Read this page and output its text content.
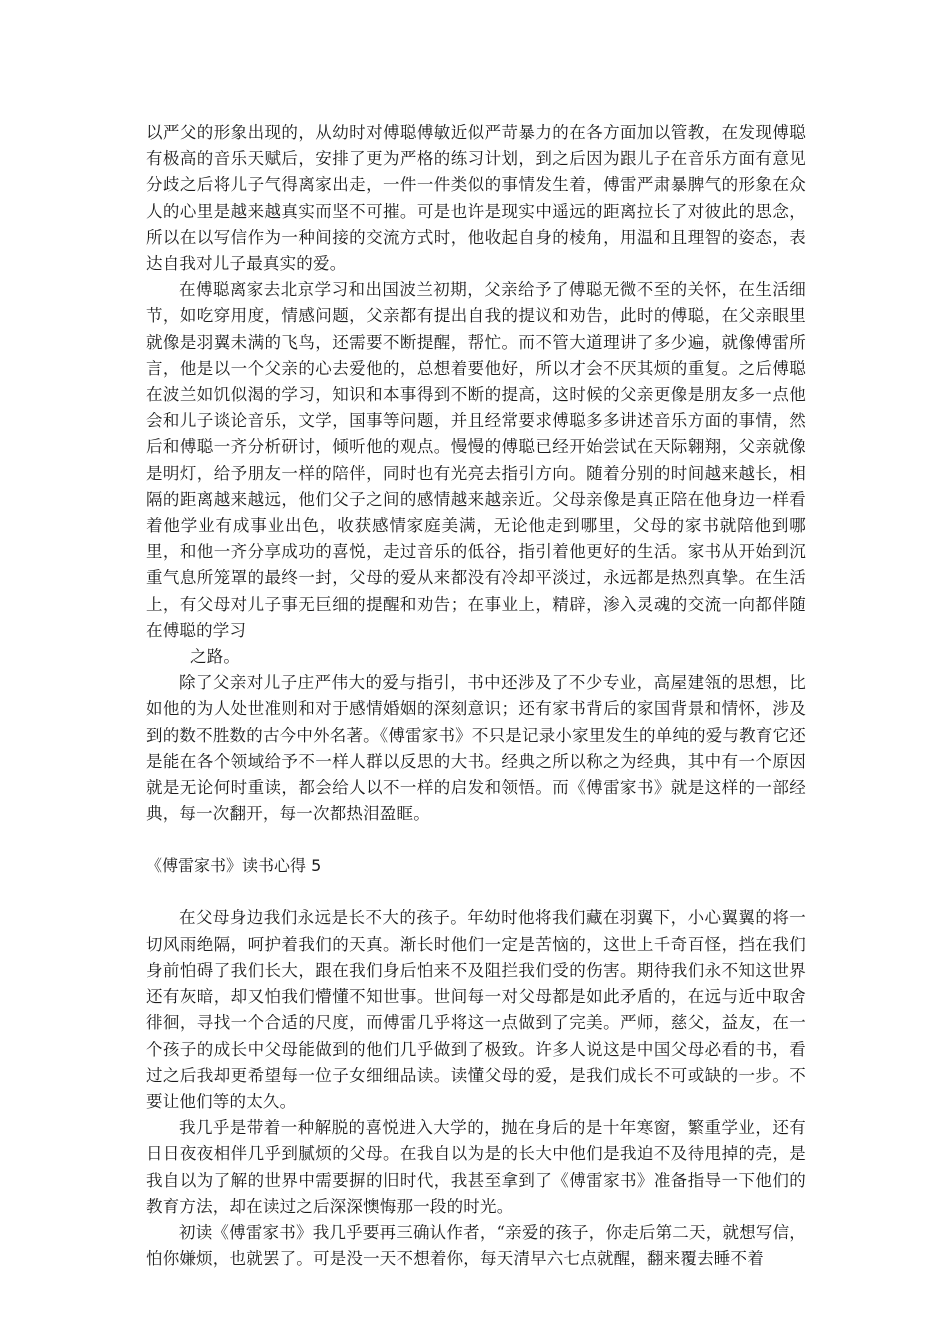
以严父的形象出现的，从幼时对傅聪傅敏近似严苛暴力的在各方面加以管教，在发现傅聪有极高的音乐天赋后，安排了更为严格的练习计划，到之后因为跟儿子在音乐方面有意见分歧之后将儿子气得离家出走，一件一件类似的事情发生着，傅雷严肃暴脾气的形象在众人的心里是越来越真实而坚不可摧。可是也许是现实中遥远的距离拉长了对彼此的思念，所以在以写信作为一种间接的交流方式时，他收起自身的棱角，用温和且理智的姿态，表达自我对儿子最真实的爱。

在傅聪离家去北京学习和出国波兰初期，父亲给予了傅聪无微不至的关怀，在生活细节，如吃穿用度，情感问题，父亲都有提出自我的提议和劝告，此时的傅聪，在父亲眼里就像是羽翼未满的飞鸟，还需要不断提醒，帮忙。而不管大道理讲了多少遍，就像傅雷所言，他是以一个父亲的心去爱他的，总想着要他好，所以才会不厌其烦的重复。之后傅聪在波兰如饥似渴的学习，知识和本事得到不断的提高，这时候的父亲更像是朋友多一点他会和儿子谈论音乐，文学，国事等问题，并且经常要求傅聪多多讲述音乐方面的事情，然后和傅聪一齐分析研讨，倾听他的观点。慢慢的傅聪已经开始尝试在天际翱翔，父亲就像是明灯，给予朋友一样的陪伴，同时也有光亮去指引方向。随着分别的时间越来越长，相隔的距离越来越远，他们父子之间的感情越来越亲近。父母亲像是真正陪在他身边一样看着他学业有成事业出色，收获感情家庭美满，无论他走到哪里，父母的家书就陪他到哪里，和他一齐分享成功的喜悦，走过音乐的低谷，指引着他更好的生活。家书从开始到沉重气息所笼罩的最终一封，父母的爱从来都没有冷却平淡过，永远都是热烈真挚。在生活上，有父母对儿子事无巨细的提醒和劝告；在事业上，精辟，渗入灵魂的交流一向都伴随在傅聪的学习

之路。

除了父亲对儿子庄严伟大的爱与指引，书中还涉及了不少专业，高屋建瓴的思想，比如他的为人处世准则和对于感情婚姻的深刻意识；还有家书背后的家国背景和情怀，涉及到的数不胜数的古今中外名著。《傅雷家书》不只是记录小家里发生的单纯的爱与教育它还是能在各个领域给予不一样人群以反思的大书。经典之所以称之为经典，其中有一个原因就是无论何时重读，都会给人以不一样的启发和领悟。而《傅雷家书》就是这样的一部经典，每一次翻开，每一次都热泪盈眶。

《傅雷家书》读书心得 5

在父母身边我们永远是长不大的孩子。年幼时他将我们藏在羽翼下，小心翼翼的将一切风雨绝隔，呵护着我们的天真。渐长时他们一定是苦恼的，这世上千奇百怪，挡在我们身前怕碍了我们长大，跟在我们身后怕来不及阻拦我们受的伤害。期待我们永不知这世界还有灰暗，却又怕我们懵懂不知世事。世间每一对父母都是如此矛盾的，在远与近中取舍徘徊，寻找一个合适的尺度，而傅雷几乎将这一点做到了完美。严师，慈父，益友，在一个孩子的成长中父母能做到的他们几乎做到了极致。许多人说这是中国父母必看的书，看过之后我却更希望每一位子女细细品读。读懂父母的爱，是我们成长不可或缺的一步。不要让他们等的太久。

我几乎是带着一种解脱的喜悦进入大学的，抛在身后的是十年寒窗，繁重学业，还有日日夜夜相伴几乎到腻烦的父母。在我自以为是的长大中他们是我迫不及待甩掉的壳，是我自以为了解的世界中需要摒的旧时代，我甚至拿到了《傅雷家书》准备指导一下他们的教育方法，却在读过之后深深懊悔那一段的时光。

初读《傅雷家书》我几乎要再三确认作者，“亲爱的孩子，你走后第二天，就想写信，怕你嫌烦，也就罢了。可是没一天不想着你，每天清早六七点就醒，翻来覆去睡不着
